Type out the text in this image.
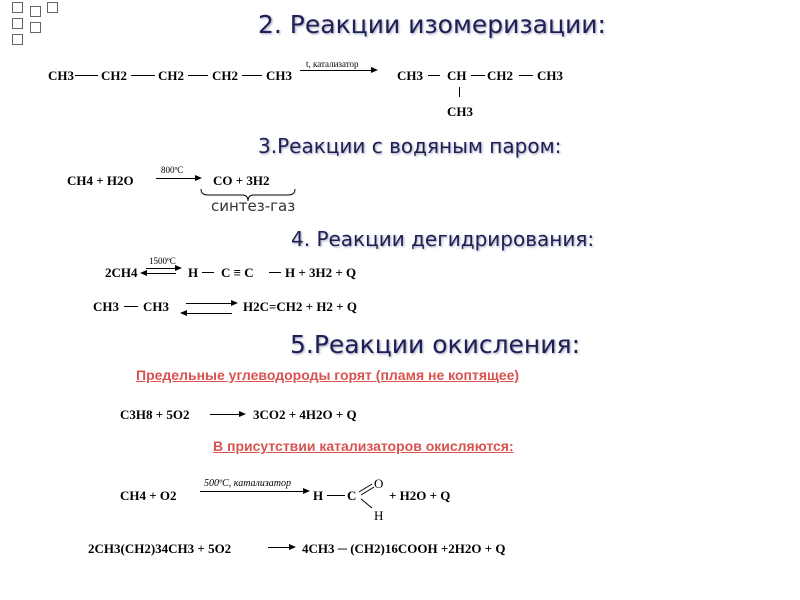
2. Реакции изомеризации:
CH3 CH2 CH2 CH2 CH3
t, катализатор
CH3 CH CH2 CH3
CH3
3.Реакции с водяным паром:
CH4 + H2O
800ºC
CO + 3H2
синтез-газ
4. Реакции дегидрирования:
2CH4
1500ºC
H C ≡ C H + 3H2 + Q
CH3 CH3	H2C=CH2 + H2 + Q
5.Реакции окисления:
Предельные углеводороды горят (пламя не коптящее)
C3H8 + 5O2	3CO2 + 4H2O + Q
В присутствии катализаторов окисляются:
CH4 + O2
500ºC, катализатор
H C
O
H
+ H2O + Q
2CH3(CH2)34CH3 + 5O2	4CH3 ─ (CH2)16COOH +2H2O + Q
